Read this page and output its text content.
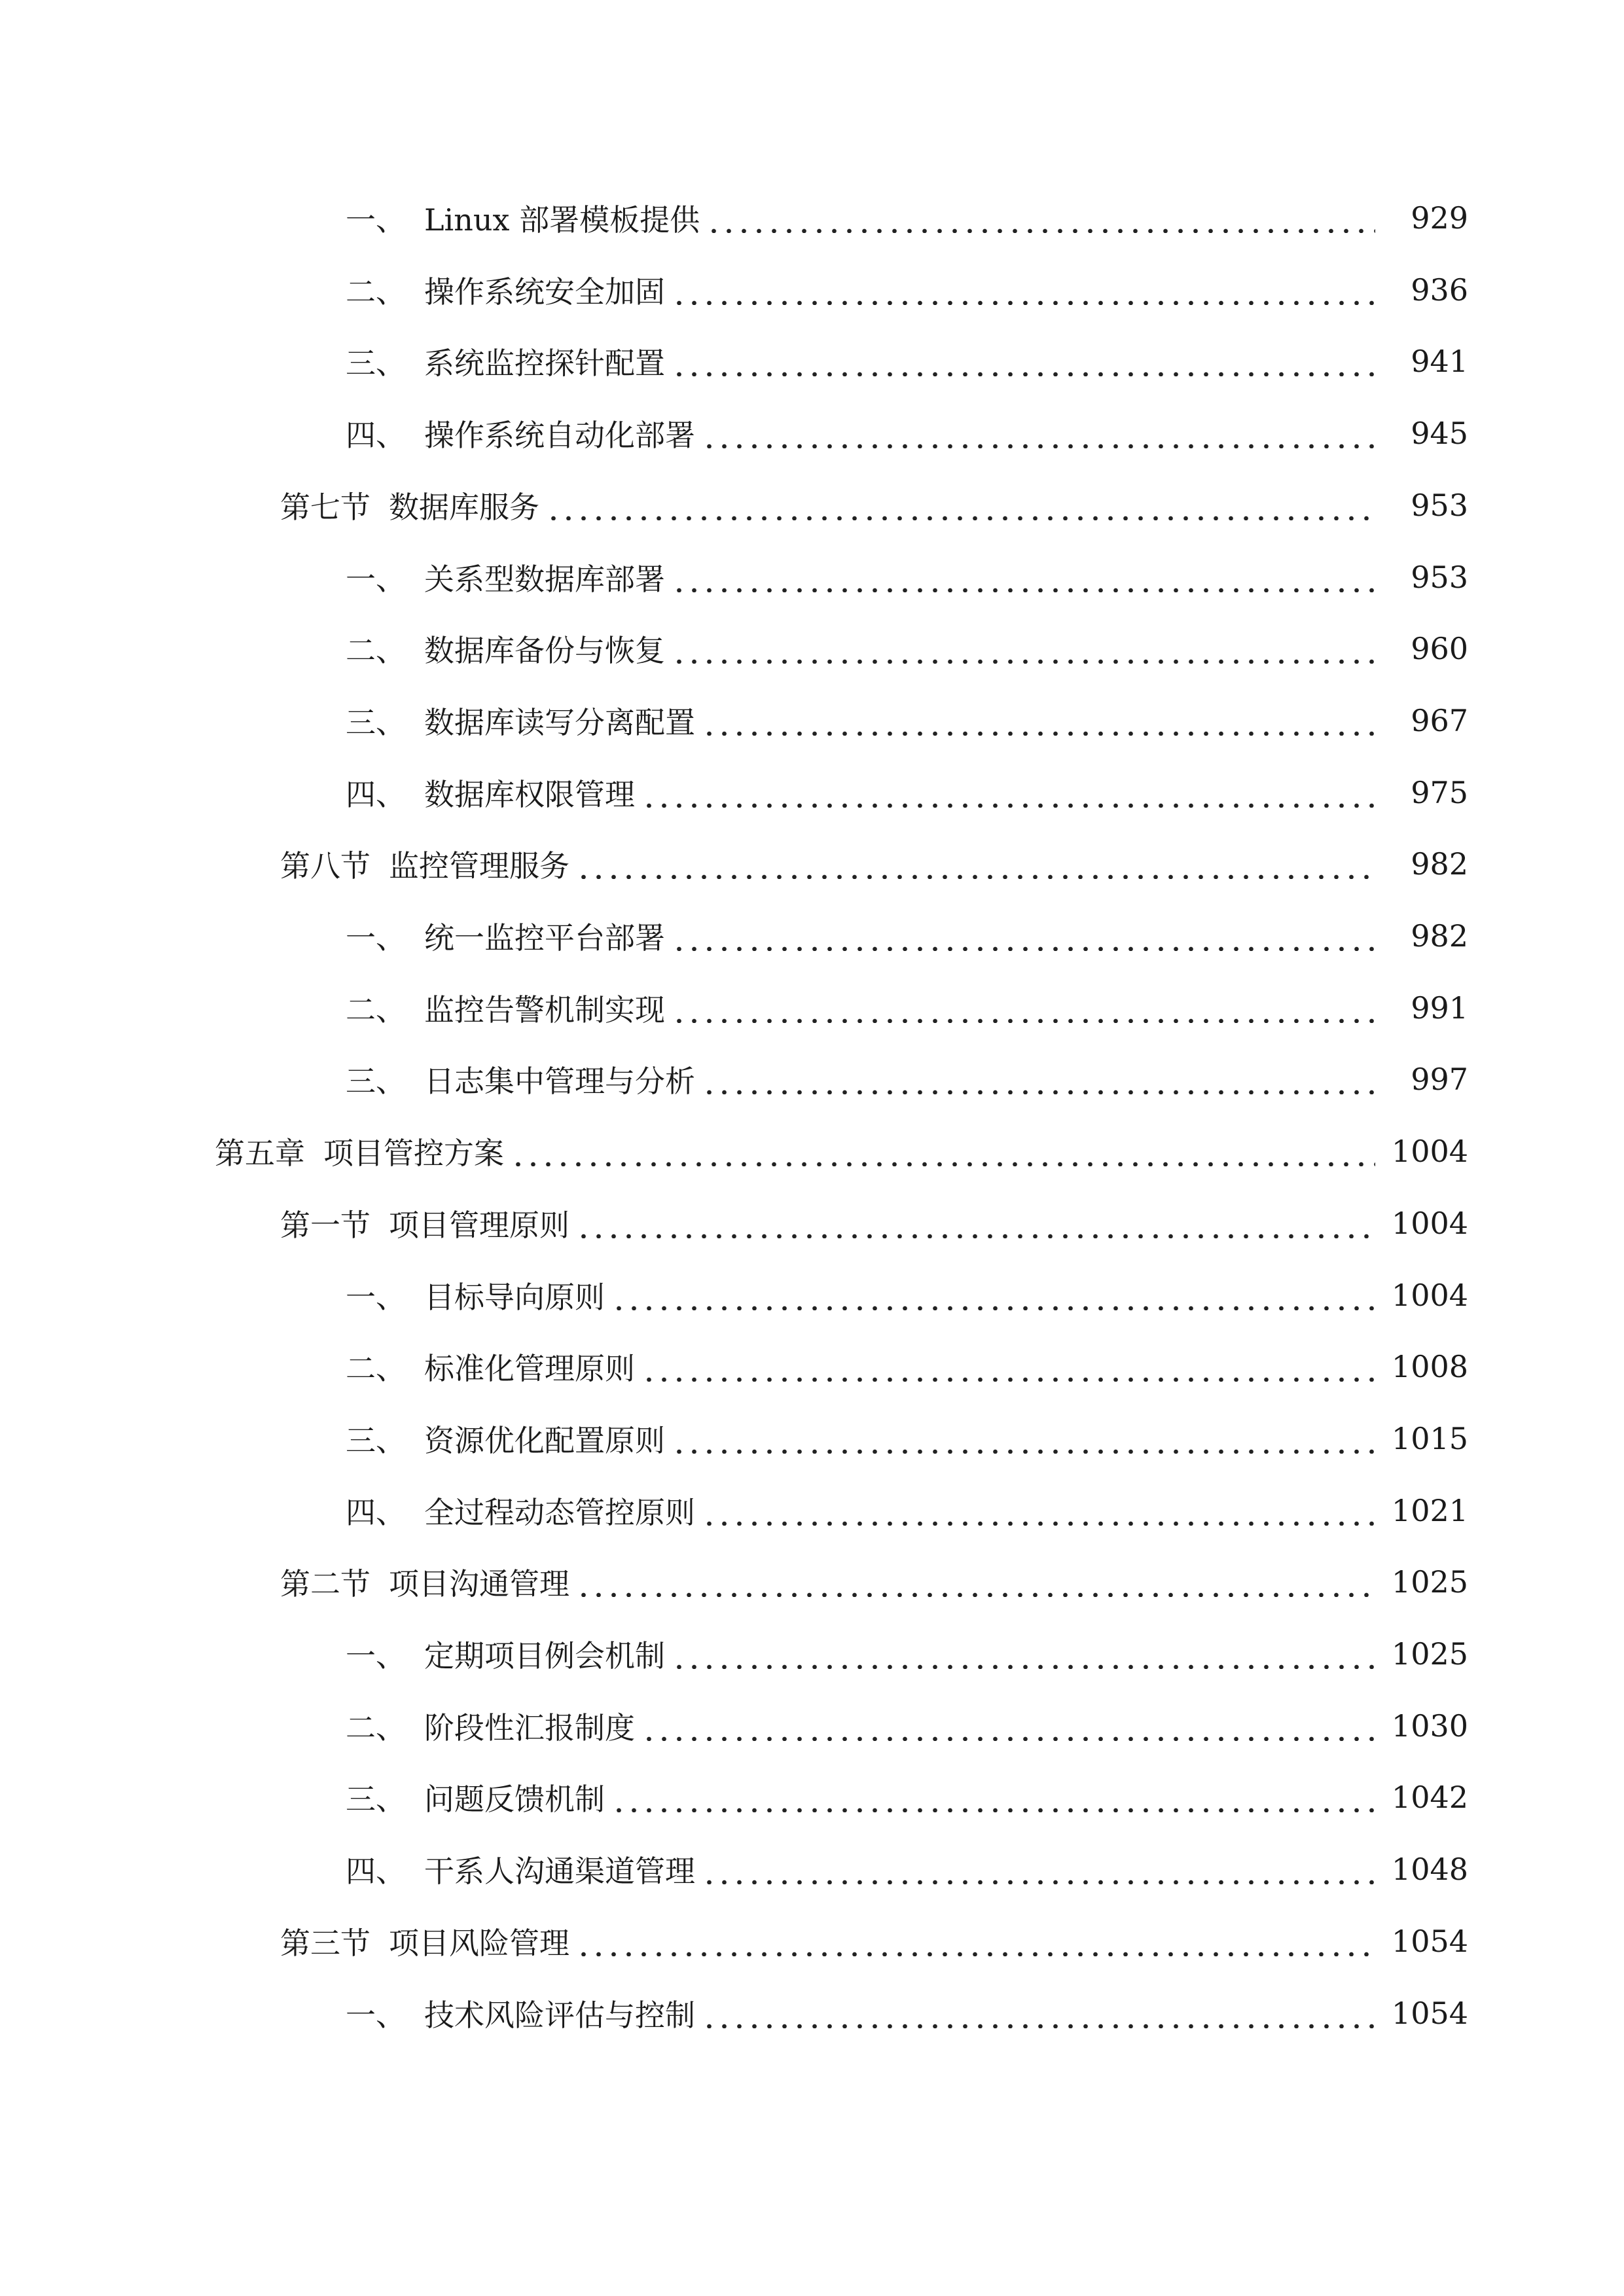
一、 Linux 部署模板提供	929
二、 操作系统安全加固	936
三、 系统监控探针配置	941
四、 操作系统自动化部署	945
第七节 数据库服务	953
一、 关系型数据库部署	953
二、 数据库备份与恢复	960
三、 数据库读写分离配置	967
四、 数据库权限管理	975
第八节 监控管理服务	982
一、 统一监控平台部署	982
二、 监控告警机制实现	991
三、 日志集中管理与分析	997
第五章 项目管控方案	1004
第一节 项目管理原则	1004
一、 目标导向原则	1004
二、 标准化管理原则	1008
三、 资源优化配置原则	1015
四、 全过程动态管控原则	1021
第二节 项目沟通管理	1025
一、 定期项目例会机制	1025
二、 阶段性汇报制度	1030
三、 问题反馈机制	1042
四、 干系人沟通渠道管理	1048
第三节 项目风险管理	1054
一、 技术风险评估与控制	1054
